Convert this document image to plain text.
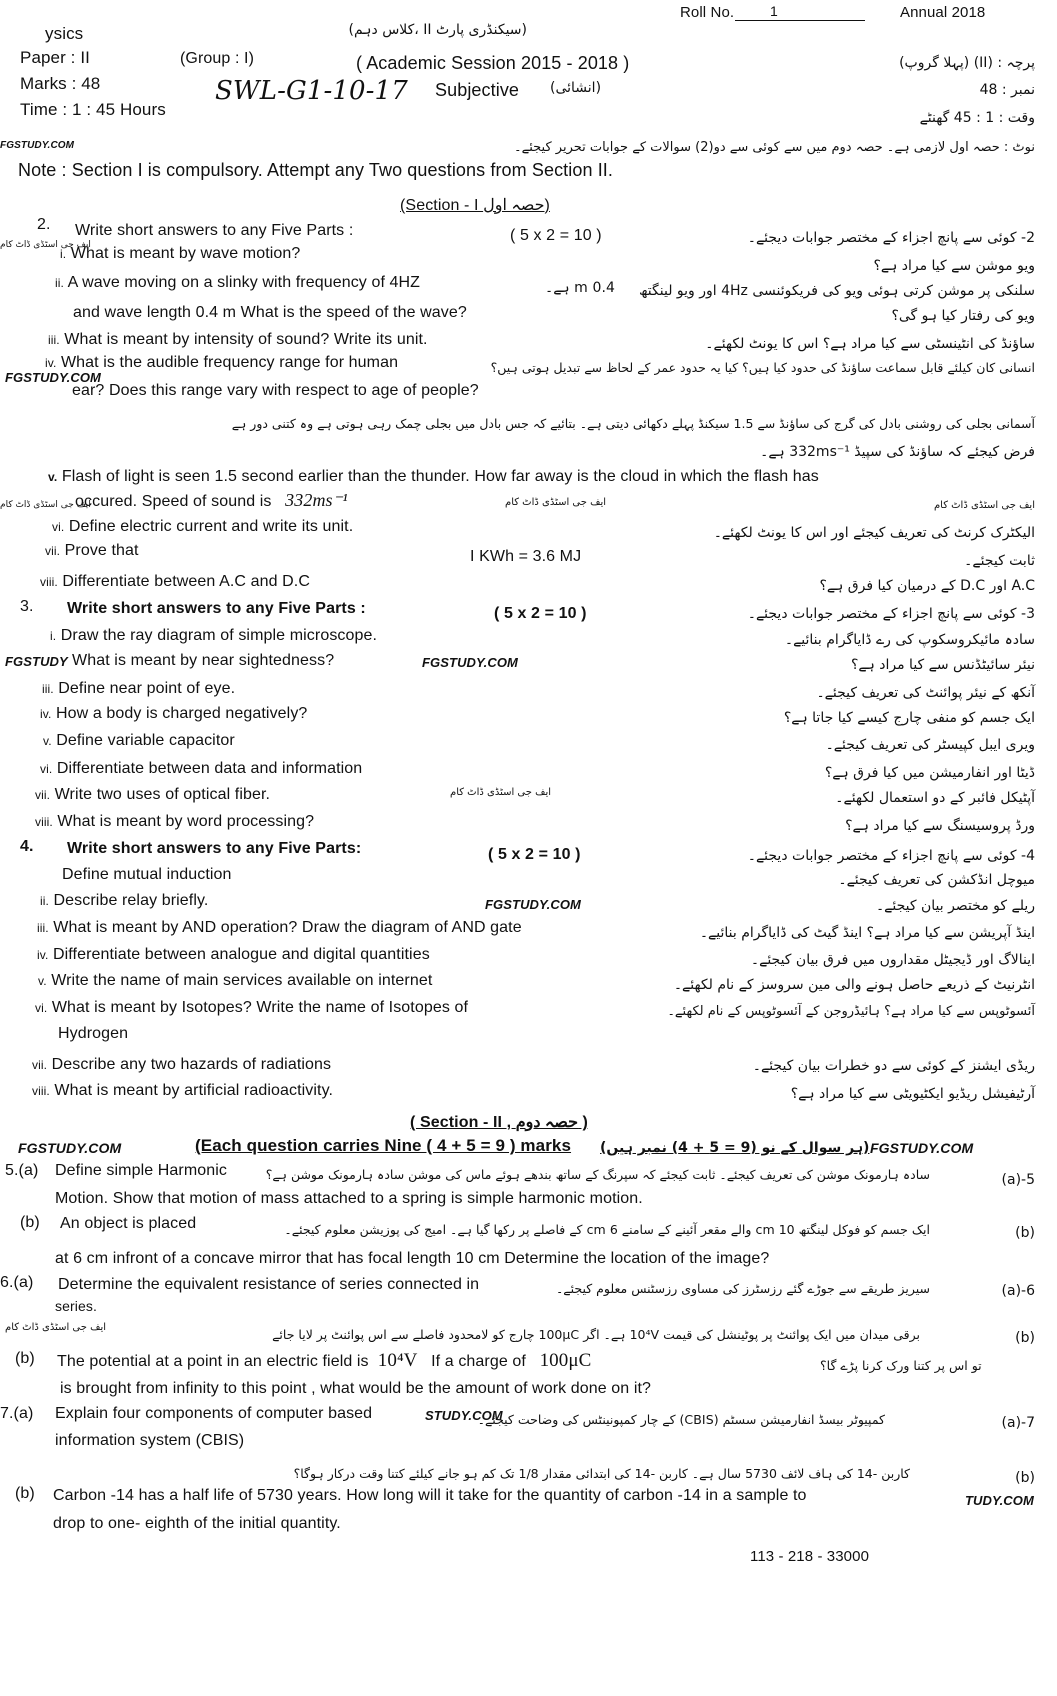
Roll No.	1	Annual 2018
ysics	(سیکنڈری پارٹ II ،کلاس دہم)
Paper : II	(Group : I)	( Academic Session 2015 - 2018 )	پرچہ : (II) (پہلا گروپ)
Marks : 48	SWL-G1-10-17 Subjective (انشائی)	نمبر : 48
Time : 1 : 45 Hours	وقت : 1 : 45 گھنٹے
نوٹ : حصہ اول لازمی ہے۔ حصہ دوم میں سے کوئی سے دو(2) سوالات کے جوابات تحریر کیجئے۔
FGSTUDY.COM
Note : Section I is compulsory. Attempt any Two questions from Section II.
(Section - I حصہ اول)
2. Write short answers to any Five Parts :	( 5 x 2 = 10 )	2- کوئی سے پانچ اجزاء کے مختصر جوابات دیجئے۔
ایف جی اسٹڈی ڈاٹ کام
i. What is meant by wave motion?
ویو موشن سے کیا مراد ہے؟
ii. A wave moving on a slinky with frequency of 4HZ
and wave length 0.4 m What is the speed of the wave?
0.4 m ہے۔ سلنکی پر موشن کرتی ہوئی ویو کی فریکوئنسی 4Hz اور ویو لینگتھ
ویو کی رفتار کیا ہو گی؟
iii. What is meant by intensity of sound? Write its unit.	ساؤنڈ کی انٹینسٹی سے کیا مراد ہے؟ اس کا یونٹ لکھئے۔
iv. What is the audible frequency range for human
FGSTUDY.COM
ear? Does this range vary with respect to age of people?
انسانی کان کیلئے قابل سماعت ساؤنڈ کی حدود کیا ہیں؟ کیا یہ حدود عمر کے لحاظ سے تبدیل ہوتی ہیں؟
آسمانی بجلی کی روشنی بادل کی گرج کی ساؤنڈ سے 1.5 سیکنڈ پہلے دکھائی دیتی ہے۔ بتائیے کہ جس بادل میں بجلی چمک رہی ہوتی ہے وہ کتنی دور ہے
فرض کیجئے کہ ساؤنڈ کی سپیڈ 332ms⁻¹ ہے۔
v. Flash of light is seen 1.5 second earlier than the thunder. How far away is the cloud in which the flash has
occured. Speed of sound is 332ms⁻¹
ایف جی اسٹڈی ڈاٹ کام	ایف جی اسٹڈی ڈاٹ کام	ایف جی اسٹڈی ڈاٹ کام
vi. Define electric current and write its unit.	الیکٹرک کرنٹ کی تعریف کیجئے اور اس کا یونٹ لکھئے۔
vii. Prove that	I KWh = 3.6 MJ	ثابت کیجئے۔
viii. Differentiate between A.C and D.C	A.C اور D.C کے درمیان کیا فرق ہے؟
3. Write short answers to any Five Parts :	( 5 x 2 = 10 )	3- کوئی سے پانچ اجزاء کے مختصر جوابات دیجئے۔
i. Draw the ray diagram of simple microscope.	سادہ مائیکروسکوپ کی رے ڈایاگرام بنائیے۔
FGSTUDY What is meant by near sightedness?	FGSTUDY.COM	نیئر سائیٹڈنس سے کیا مراد ہے؟
iii. Define near point of eye.	آنکھ کے نیئر پوائنٹ کی تعریف کیجئے۔
iv. How a body is charged negatively?	ایک جسم کو منفی چارج کیسے کیا جاتا ہے؟
v. Define variable capacitor	ویری ایبل کپیسٹر کی تعریف کیجئے۔
vi. Differentiate between data and information	ڈیٹا اور انفارمیشن میں کیا فرق ہے؟
vii. Write two uses of optical fiber.	ایف جی اسٹڈی ڈاٹ کام	آپٹیکل فائبر کے دو استعمال لکھئے۔
viii. What is meant by word processing?	ورڈ پروسیسنگ سے کیا مراد ہے؟
4. Write short answers to any Five Parts:	( 5 x 2 = 10 )	4- کوئی سے پانچ اجزاء کے مختصر جوابات دیجئے۔
Define mutual induction	میوچل انڈکشن کی تعریف کیجئے۔
ii. Describe relay briefly.	FGSTUDY.COM	ریلے کو مختصر بیان کیجئے۔
iii. What is meant by AND operation? Draw the diagram of AND gate	اینڈ آپریشن سے کیا مراد ہے؟ اینڈ گیٹ کی ڈایاگرام بنائیے۔
iv. Differentiate between analogue and digital quantities	اینالاگ اور ڈیجیٹل مقداروں میں فرق بیان کیجئے۔
v. Write the name of main services available on internet	انٹرنیٹ کے ذریعے حاصل ہونے والی مین سروسز کے نام لکھئے۔
vi. What is meant by Isotopes? Write the name of Isotopes of
Hydrogen
آئسوٹوپس سے کیا مراد ہے؟ ہائیڈروجن کے آئسوٹوپس کے نام لکھئے۔
vii. Describe any two hazards of radiations	ریڈی ایشنز کے کوئی سے دو خطرات بیان کیجئے۔
viii. What is meant by artificial radioactivity.	آرٹیفیشل ریڈیو ایکٹیویٹی سے کیا مراد ہے؟
( Section - II , حصہ دوم )
FGSTUDY.COM	(Each question carries Nine ( 4 + 5 = 9 ) marks (ہر سوال کے نو (9 = 5 + 4) نمبر ہیں) FGSTUDY.COM
5.(a) Define simple Harmonic	سادہ ہارمونک موشن کی تعریف کیجئے۔ ثابت کیجئے کہ سپرنگ کے ساتھ بندھے ہوئے ماس کی موشن سادہ ہارمونک موشن ہے؟	5-(a)
Motion. Show that motion of mass attached to a spring is simple harmonic motion.
(b) An object is placed	ایک جسم کو فوکل لینگتھ 10 cm والے مقعر آئینے کے سامنے 6 cm کے فاصلے پر رکھا گیا ہے۔ امیج کی پوزیشن معلوم کیجئے۔	(b)
at 6 cm infront of a concave mirror that has focal length 10 cm Determine the location of the image?
6.(a) Determine the equivalent resistance of series connected in	سیریز طریقے سے جوڑے گئے رزسٹرز کی مساوی رزسٹنس معلوم کیجئے۔	6-(a)
series.
ایف جی اسٹڈی ڈاٹ کام	برقی میدان میں ایک پوائنٹ پر پوٹینشل کی قیمت 10⁴V ہے۔ اگر 100μC چارج کو لامحدود فاصلے سے اس پوائنٹ پر لایا جائے	(b)
(b) The potential at a point in an electric field is 10⁴V If a charge of 100μC	تو اس پر کتنا ورک کرنا پڑے گا؟
is brought from infinity to this point , what would be the amount of work done on it?
7.(a) Explain four components of computer based	STUDY.COM
کمپیوٹر بیسڈ انفارمیشن سسٹم (CBIS) کے چار کمپونینٹس کی وضاحت کیجئے۔	7-(a)
information system (CBIS)
کاربن -14 کی ہاف لائف 5730 سال ہے۔ کاربن -14 کی ابتدائی مقدار 1/8 تک کم ہو جانے کیلئے کتنا وقت درکار ہوگا؟	(b)
(b) Carbon -14 has a half life of 5730 years. How long will it take for the quantity of carbon -14 in a sample to	TUDY.COM
drop to one- eighth of the initial quantity.
113 - 218 - 33000
